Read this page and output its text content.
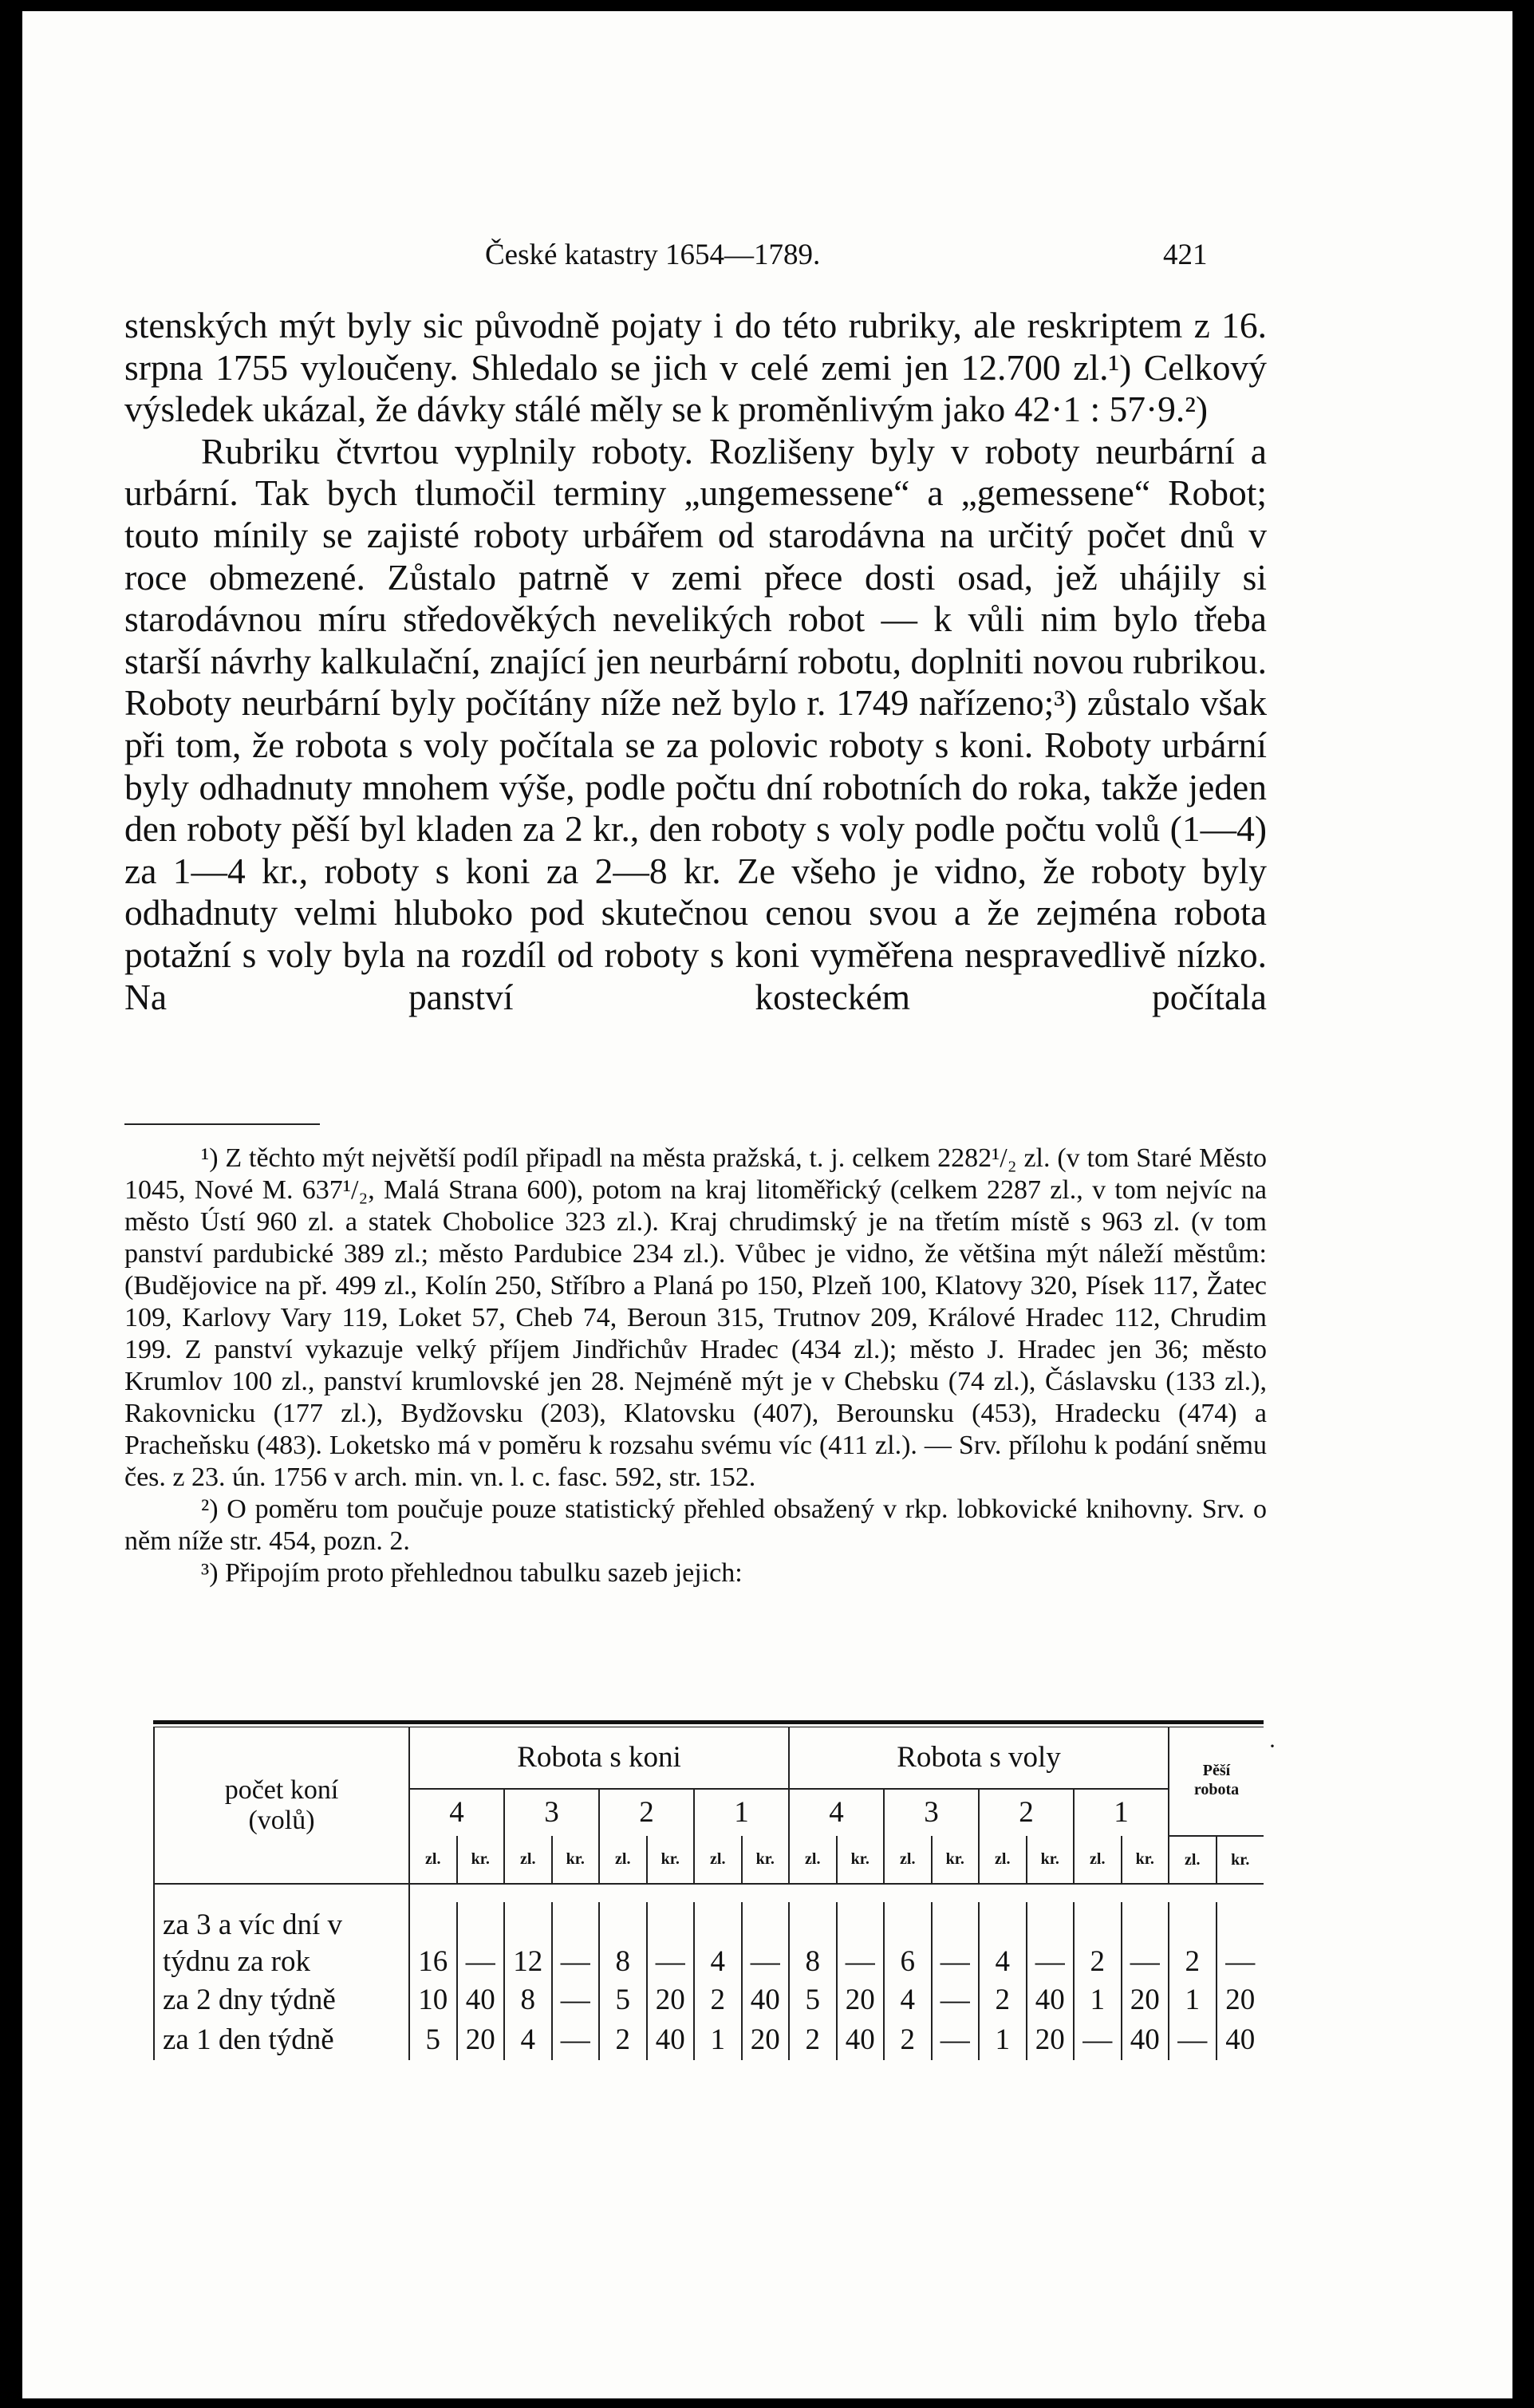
České katastry 1654—1789.	421

stenských mýt byly sic původně pojaty i do této rubriky, ale reskriptem z 16. srpna 1755 vyloučeny. Shledalo se jich v celé zemi jen 12.700 zl.¹) Celkový výsledek ukázal, že dávky stálé měly se k proměnlivým jako 42·1 : 57·9.²)

Rubriku čtvrtou vyplnily roboty. Rozlišeny byly v roboty neurbární a urbární. Tak bych tlumočil terminy „ungemessene“ a „gemessene“ Robot; touto mínily se zajisté roboty urbářem od starodávna na určitý počet dnů v roce obmezené. Zůstalo patrně v zemi přece dosti osad, jež uhájily si starodávnou míru středověkých nevelikých robot — k vůli nim bylo třeba starší návrhy kalkulační, znající jen neurbární robotu, doplniti novou rubrikou. Roboty neurbární byly počítány níže než bylo r. 1749 nařízeno;³) zůstalo však při tom, že robota s voly počítala se za polovic roboty s koni. Roboty urbární byly odhadnuty mnohem výše, podle počtu dní robotních do roka, takže jeden den roboty pěší byl kladen za 2 kr., den roboty s voly podle počtu volů (1—4) za 1—4 kr., roboty s koni za 2—8 kr. Ze všeho je vidno, že roboty byly odhadnuty velmi hluboko pod skutečnou cenou svou a že zejména robota potažní s voly byla na rozdíl od roboty s koni vyměřena nespravedlivě nízko. Na panství kosteckém počítala

¹) Z těchto mýt největší podíl připadl na města pražská, t. j. celkem 2282¹/₂ zl. (v tom Staré Město 1045, Nové M. 637¹/₂, Malá Strana 600), potom na kraj litoměřický (celkem 2287 zl., v tom nejvíc na město Ústí 960 zl. a statek Chobolice 323 zl.). Kraj chrudimský je na třetím místě s 963 zl. (v tom panství pardubické 389 zl.; město Pardubice 234 zl.). Vůbec je vidno, že většina mýt náleží městům: (Budějovice na př. 499 zl., Kolín 250, Stříbro a Planá po 150, Plzeň 100, Klatovy 320, Písek 117, Žatec 109, Karlovy Vary 119, Loket 57, Cheb 74, Beroun 315, Trutnov 209, Králové Hradec 112, Chrudim 199. Z panství vykazuje velký příjem Jindřichův Hradec (434 zl.); město J. Hradec jen 36; město Krumlov 100 zl., panství krumlovské jen 28. Nejméně mýt je v Chebsku (74 zl.), Čáslavsku (133 zl.), Rakovnicku (177 zl.), Bydžovsku (203), Klatovsku (407), Berounsku (453), Hradecku (474) a Pracheňsku (483). Loketsko má v poměru k rozsahu svému víc (411 zl.). — Srv. přílohu k podání sněmu čes. z 23. ún. 1756 v arch. min. vn. l. c. fasc. 592, str. 152.

²) O poměru tom poučuje pouze statistický přehled obsažený v rkp. lobkovické knihovny. Srv. o něm níže str. 454, pozn. 2.

³) Připojím proto přehlednou tabulku sazeb jejich:

počet koní (volů)	Robota s koni								Robota s voly								Pěší robota	
	4		3		2		1		4		3		2		1			
	zl.	kr.	zl.	kr.	zl.	kr.	zl.	kr.	zl.	kr.	zl.	kr.	zl.	kr.	zl.	kr.	zl.	kr.

za 3 a víc dní v týdnu za rok	16	—	12	—	8	—	4	—	8	—	6	—	4	—	2	—	2	—
za 2 dny týdně	10	40	8	—	5	20	2	40	5	20	4	—	2	40	1	20	1	20
za 1 den týdně	5	20	4	—	2	40	1	20	2	40	2	—	1	20	—	40	—	40
·
